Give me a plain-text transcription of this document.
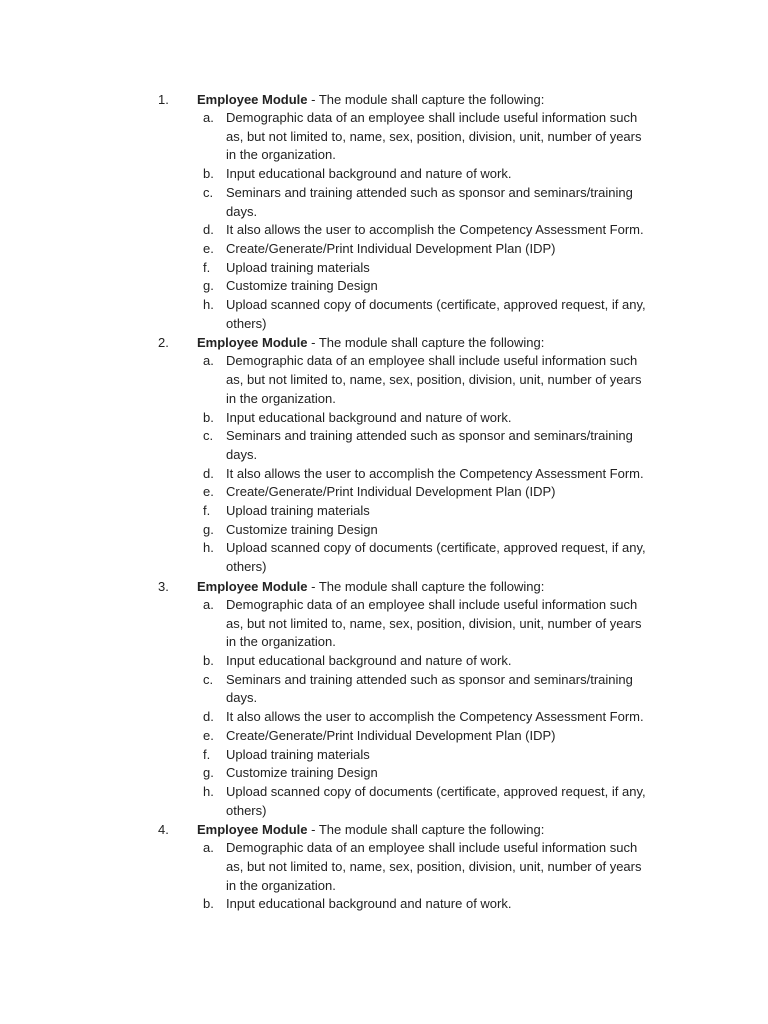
1. Employee Module - The module shall capture the following:
a. Demographic data of an employee shall include useful information such
as, but not limited to, name, sex, position, division, unit, number of years
in the organization.
b. Input educational background and nature of work.
c. Seminars and training attended such as sponsor and seminars/training
days.
d. It also allows the user to accomplish the Competency Assessment Form.
e. Create/Generate/Print Individual Development Plan (IDP)
f. Upload training materials
g. Customize training Design
h. Upload scanned copy of documents (certificate, approved request, if any,
others)
2. Employee Module - The module shall capture the following:
a. Demographic data of an employee shall include useful information such
as, but not limited to, name, sex, position, division, unit, number of years
in the organization.
b. Input educational background and nature of work.
c. Seminars and training attended such as sponsor and seminars/training
days.
d. It also allows the user to accomplish the Competency Assessment Form.
e. Create/Generate/Print Individual Development Plan (IDP)
f. Upload training materials
g. Customize training Design
h. Upload scanned copy of documents (certificate, approved request, if any,
others)
3. Employee Module - The module shall capture the following:
a. Demographic data of an employee shall include useful information such
as, but not limited to, name, sex, position, division, unit, number of years
in the organization.
b. Input educational background and nature of work.
c. Seminars and training attended such as sponsor and seminars/training
days.
d. It also allows the user to accomplish the Competency Assessment Form.
e. Create/Generate/Print Individual Development Plan (IDP)
f. Upload training materials
g. Customize training Design
h. Upload scanned copy of documents (certificate, approved request, if any,
others)
4. Employee Module - The module shall capture the following:
a. Demographic data of an employee shall include useful information such
as, but not limited to, name, sex, position, division, unit, number of years
in the organization.
b. Input educational background and nature of work.
